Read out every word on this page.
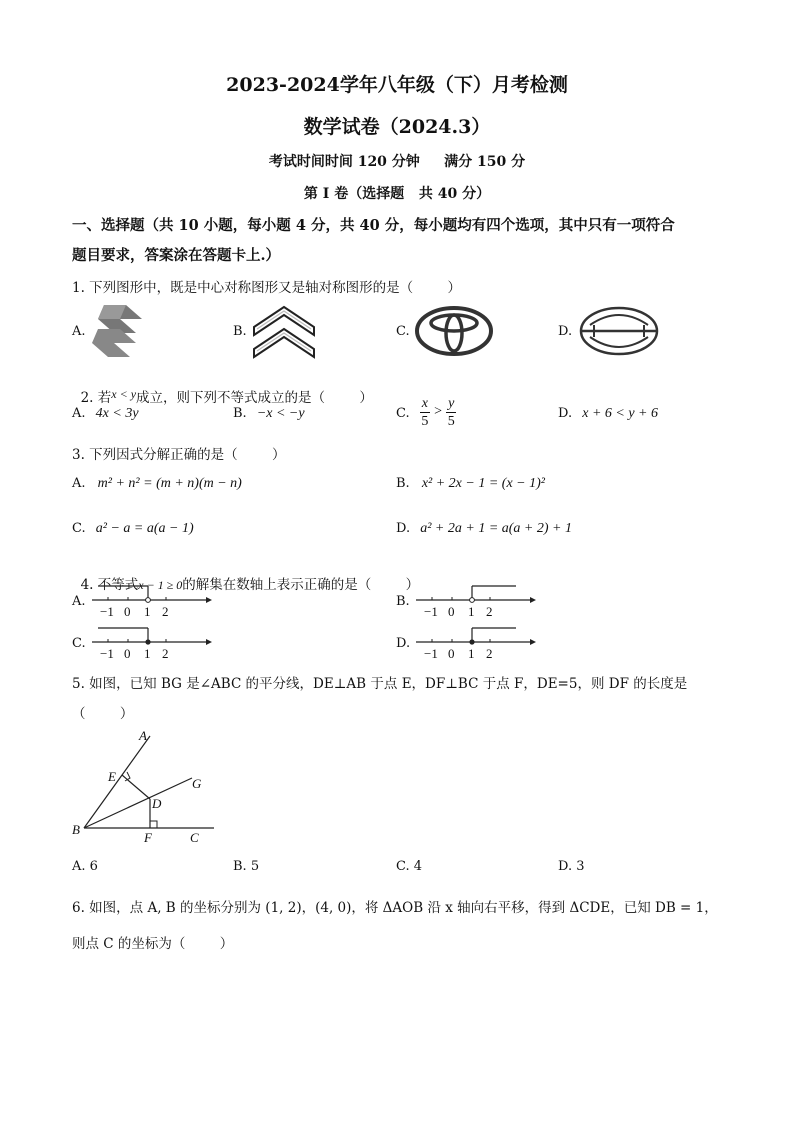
2023-2024学年八年级（下）月考检测
数学试卷（2024.3）
考试时间时间 120 分钟     满分 150 分
第 I 卷（选择题   共 40 分）
一、选择题（共 10 小题，每小题 4 分，共 40 分，每小题均有四个选项，其中只有一项符合
题目要求，答案涂在答题卡上.）
1. 下列图形中，既是中心对称图形又是轴对称图形的是（        ）
A.	B.	C.	D.

2. 若x < y成立，则下列不等式成立的是（        ）

A. 4x < 3y	B. −x < −y	C. $\frac{x}{5} > \frac{y}{5}$	D. x + 6 < y + 6
3. 下列因式分解正确的是（        ）
A. m² + n² = (m + n)(m − n)	B. x² + 2x − 1 = (x − 1)²
C. a² − a = a(a − 1)	D. a² + 2a + 1 = a(a + 2) + 1

4. 不等式x − 1 ≥ 0的解集在数轴上表示正确的是（        ）

A.
−1 0 1 2
B.
−1 0 1 2
C.
−1 0 1 2
D.
−1 0 1 2
5. 如图，已知 BG 是∠ABC 的平分线，DE⊥AB 于点 E，DF⊥BC 于点 F，DE=5，则 DF 的长度是
（        ）
A
E	G
D
B
F	C
A. 6	B. 5	C. 4	D. 3
6. 如图，点 A, B 的坐标分别为 (1, 2)，(4, 0)，将 ΔAOB 沿 x 轴向右平移，得到 ΔCDE，已知 DB = 1，
则点 C 的坐标为（        ）
